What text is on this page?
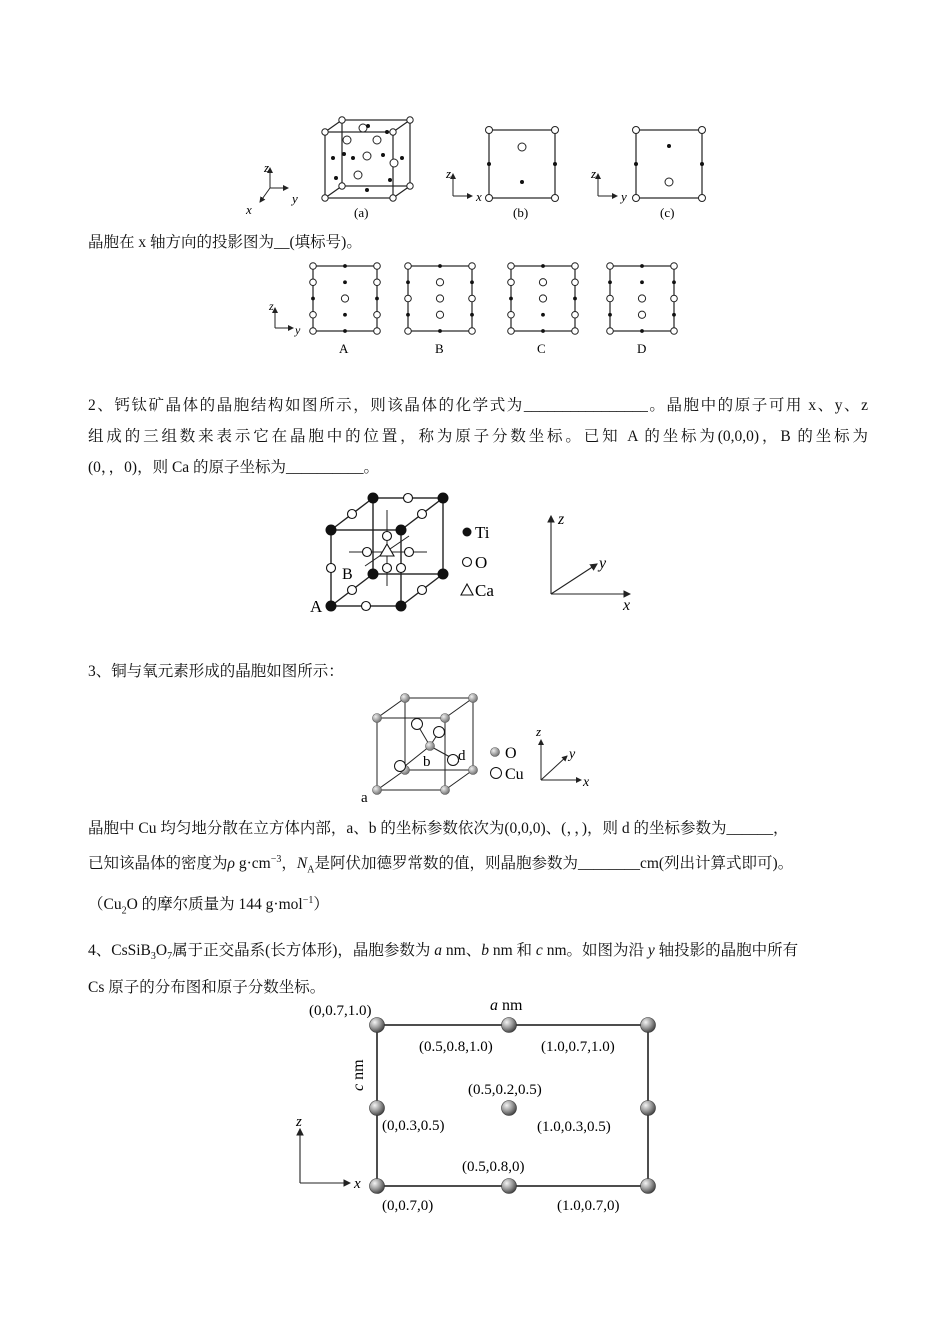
z
y
x	(a)
z
x
(b)
z
y
(c)

晶胞在 x 轴方向的投影图为__(填标号)。

z
y
A	B	C	D
2、钙钛矿晶体的晶胞结构如图所示，则该晶体的化学式为________________。晶胞中的原子可用 x、y、z
组成的三组数来表示它在晶胞中的位置，称为原子分数坐标。已知 A 的坐标为(0,0,0)，B 的坐标为
(0，，0)，则 Ca 的原子坐标为__________。
A
B
Ti
O
Ca
z
y
x

3、铜与氧元素形成的晶胞如图所示：

a
b d O
Cu
z
y
x
晶胞中 Cu 均匀地分散在立方体内部，a、b 的坐标参数依次为(0,0,0)、(，，)，则 d 的坐标参数为______，
已知该晶体的密度为ρ $g\cdot cm^{-3}$，$N_A$是阿伏加德罗常数的值，则晶胞参数为________cm(列出计算式即可)。
（$Cu_2O$ 的摩尔质量为 144 g·mol$^{-1}$）
4、$CsSiB_3O_7$属于正交晶系(长方体形)，晶胞参数为 a nm、b nm 和 c nm。如图为沿 y 轴投影的晶胞中所有
Cs 原子的分布图和原子分数坐标。
a nm
c nm
(0,0.7,1.0)
(0.5,0.8,1.0)	(1.0,0.7,1.0)
(0.5,0.2,0.5)
(0,0.3,0.5)	(1.0,0.3,0.5)
(0.5,0.8,0)
(0,0.7,0)	(1.0,0.7,0)
z
x
